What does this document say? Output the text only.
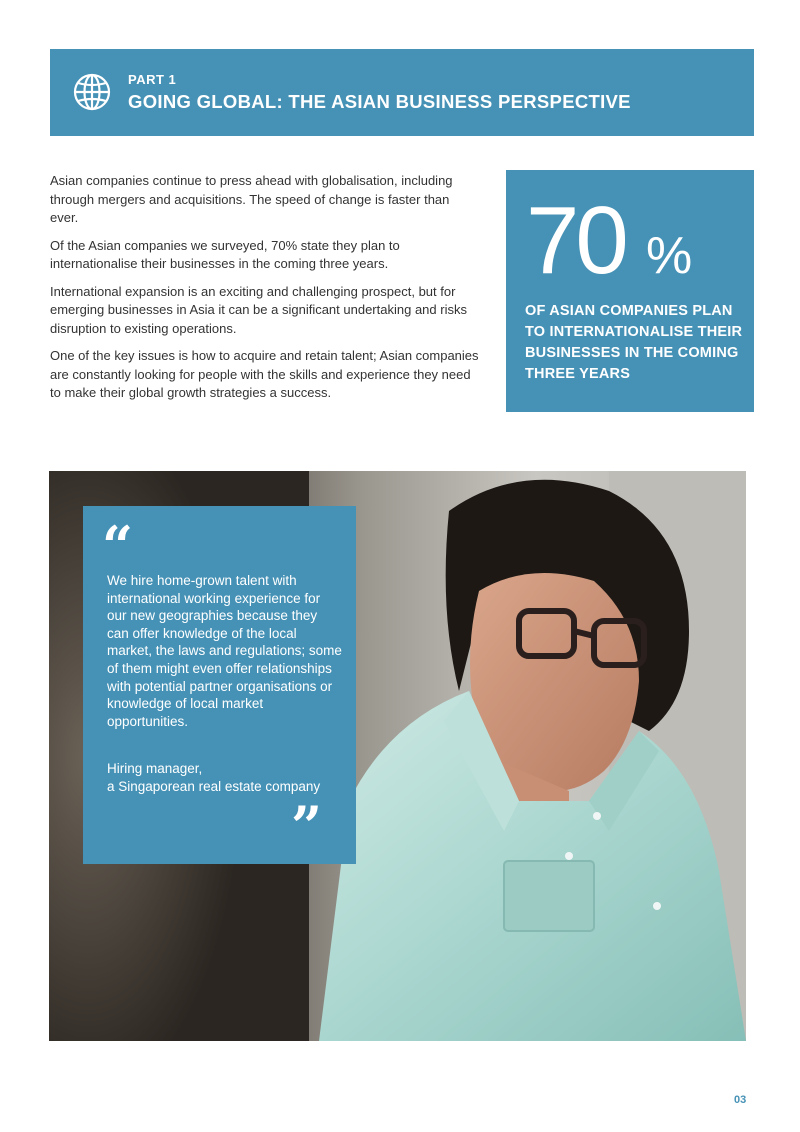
PART 1
GOING GLOBAL: THE ASIAN BUSINESS PERSPECTIVE

Asian companies continue to press ahead with globalisation, including through mergers and acquisitions. The speed of change is faster than ever.

Of the Asian companies we surveyed, 70% state they plan to internationalise their businesses in the coming three years.

International expansion is an exciting and challenging prospect, but for emerging businesses in Asia it can be a significant undertaking and risks disruption to existing operations.

One of the key issues is how to acquire and retain talent; Asian companies are constantly looking for people with the skills and experience they need to make their global growth strategies a success.

70 %
OF ASIAN COMPANIES PLAN TO INTERNATIONALISE THEIR BUSINESSES IN THE COMING THREE YEARS
“
We hire home-grown talent with international working experience for our new geographies because they can offer knowledge of the local market, the laws and regulations; some of them might even offer relationships with potential partner organisations or knowledge of local market opportunities.
Hiring manager,
a Singaporean real estate company
”
03
